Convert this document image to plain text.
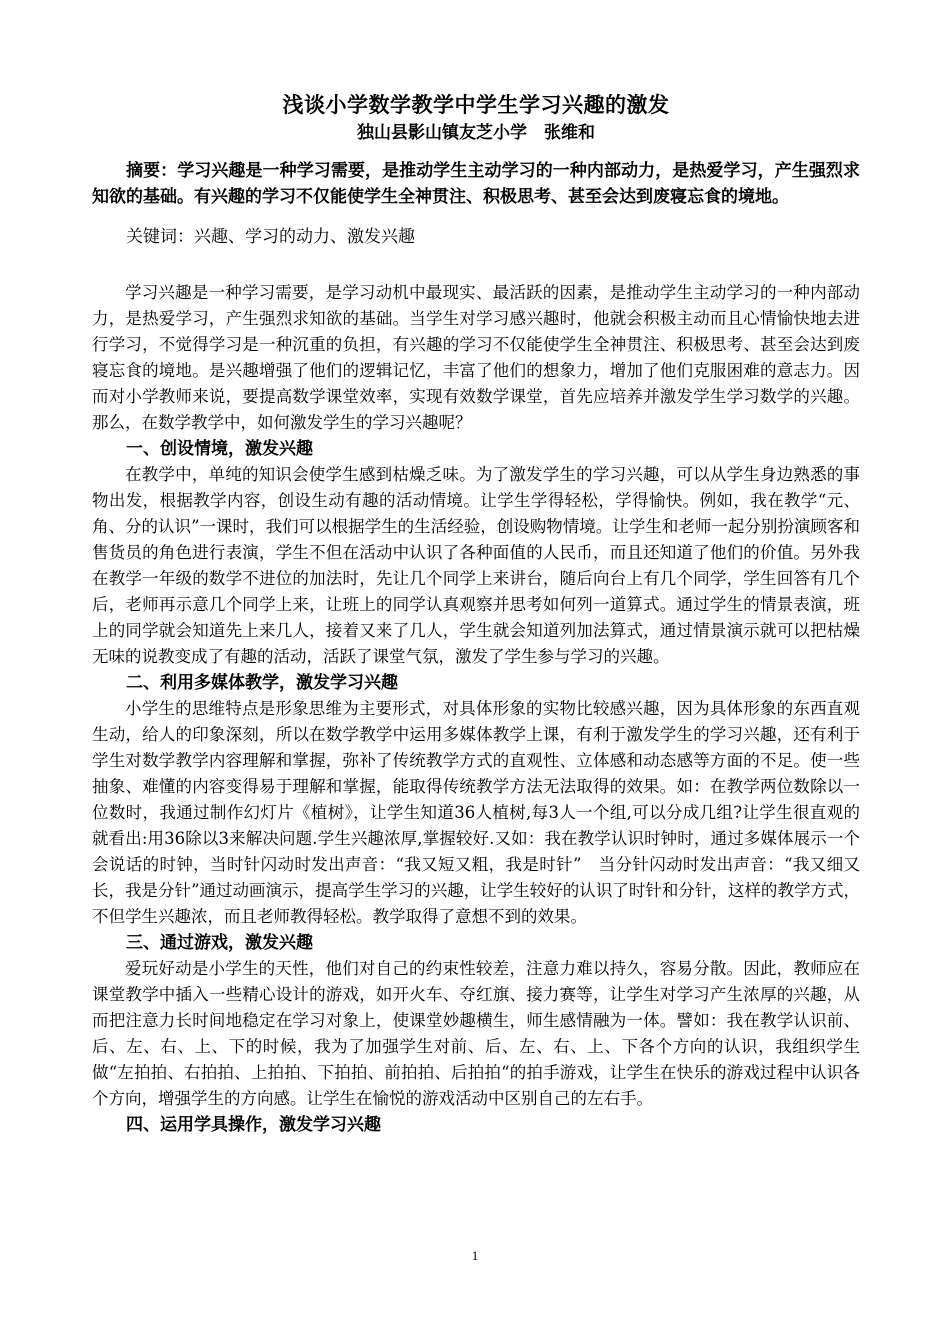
浅谈小学数学教学中学生学习兴趣的激发

独山县影山镇友芝小学　张维和

摘要：学习兴趣是一种学习需要，是推动学生主动学习的一种内部动力，是热爱学习，产生强烈求知欲的基础。有兴趣的学习不仅能使学生全神贯注、积极思考、甚至会达到废寝忘食的境地。

关键词：兴趣、学习的动力、激发兴趣

学习兴趣是一种学习需要，是学习动机中最现实、最活跃的因素，是推动学生主动学习的一种内部动力，是热爱学习，产生强烈求知欲的基础。当学生对学习感兴趣时，他就会积极主动而且心情愉快地去进行学习，不觉得学习是一种沉重的负担，有兴趣的学习不仅能使学生全神贯注、积极思考、甚至会达到废寝忘食的境地。是兴趣增强了他们的逻辑记忆，丰富了他们的想象力，增加了他们克服困难的意志力。因而对小学教师来说，要提高数学课堂效率，实现有效数学课堂，首先应培养并激发学生学习数学的兴趣。那么，在数学教学中，如何激发学生的学习兴趣呢？

一、创设情境，激发兴趣

在教学中，单纯的知识会使学生感到枯燥乏味。为了激发学生的学习兴趣，可以从学生身边熟悉的事物出发，根据教学内容，创设生动有趣的活动情境。让学生学得轻松，学得愉快。例如，我在教学“元、角、分的认识”一课时，我们可以根据学生的生活经验，创设购物情境。让学生和老师一起分别扮演顾客和售货员的角色进行表演，学生不但在活动中认识了各种面值的人民币，而且还知道了他们的价值。另外我在教学一年级的数学不进位的加法时，先让几个同学上来讲台，随后向台上有几个同学，学生回答有几个后，老师再示意几个同学上来，让班上的同学认真观察并思考如何列一道算式。通过学生的情景表演，班上的同学就会知道先上来几人，接着又来了几人，学生就会知道列加法算式，通过情景演示就可以把枯燥无味的说教变成了有趣的活动，活跃了课堂气氛，激发了学生参与学习的兴趣。

二、利用多媒体教学，激发学习兴趣

小学生的思维特点是形象思维为主要形式，对具体形象的实物比较感兴趣，因为具体形象的东西直观生动，给人的印象深刻，所以在数学教学中运用多媒体教学上课，有利于激发学生的学习兴趣，还有利于学生对数学教学内容理解和掌握，弥补了传统教学方式的直观性、立体感和动态感等方面的不足。使一些抽象、难懂的内容变得易于理解和掌握，能取得传统教学方法无法取得的效果。如：在教学两位数除以一位数时，我通过制作幻灯片《植树》，让学生知道36人植树,每3人一个组,可以分成几组?让学生很直观的就看出:用36除以3来解决问题.学生兴趣浓厚,掌握较好.又如：我在教学认识时钟时，通过多媒体展示一个会说话的时钟，当时针闪动时发出声音：“我又短又粗，我是时针”　当分针闪动时发出声音：“我又细又长，我是分针”通过动画演示，提高学生学习的兴趣，让学生较好的认识了时针和分针，这样的教学方式，不但学生兴趣浓，而且老师教得轻松。教学取得了意想不到的效果。

三、通过游戏，激发兴趣

爱玩好动是小学生的天性，他们对自己的约束性较差，注意力难以持久，容易分散。因此，教师应在课堂教学中插入一些精心设计的游戏，如开火车、夺红旗、接力赛等，让学生对学习产生浓厚的兴趣，从而把注意力长时间地稳定在学习对象上，使课堂妙趣横生，师生感情融为一体。譬如：我在教学认识前、后、左、右、上、下的时候，我为了加强学生对前、后、左、右、上、下各个方向的认识，我组织学生做“左拍拍、右拍拍、上拍拍、下拍拍、前拍拍、后拍拍“的拍手游戏，让学生在快乐的游戏过程中认识各个方向，增强学生的方向感。让学生在愉悦的游戏活动中区别自己的左右手。

四、运用学具操作，激发学习兴趣

1
